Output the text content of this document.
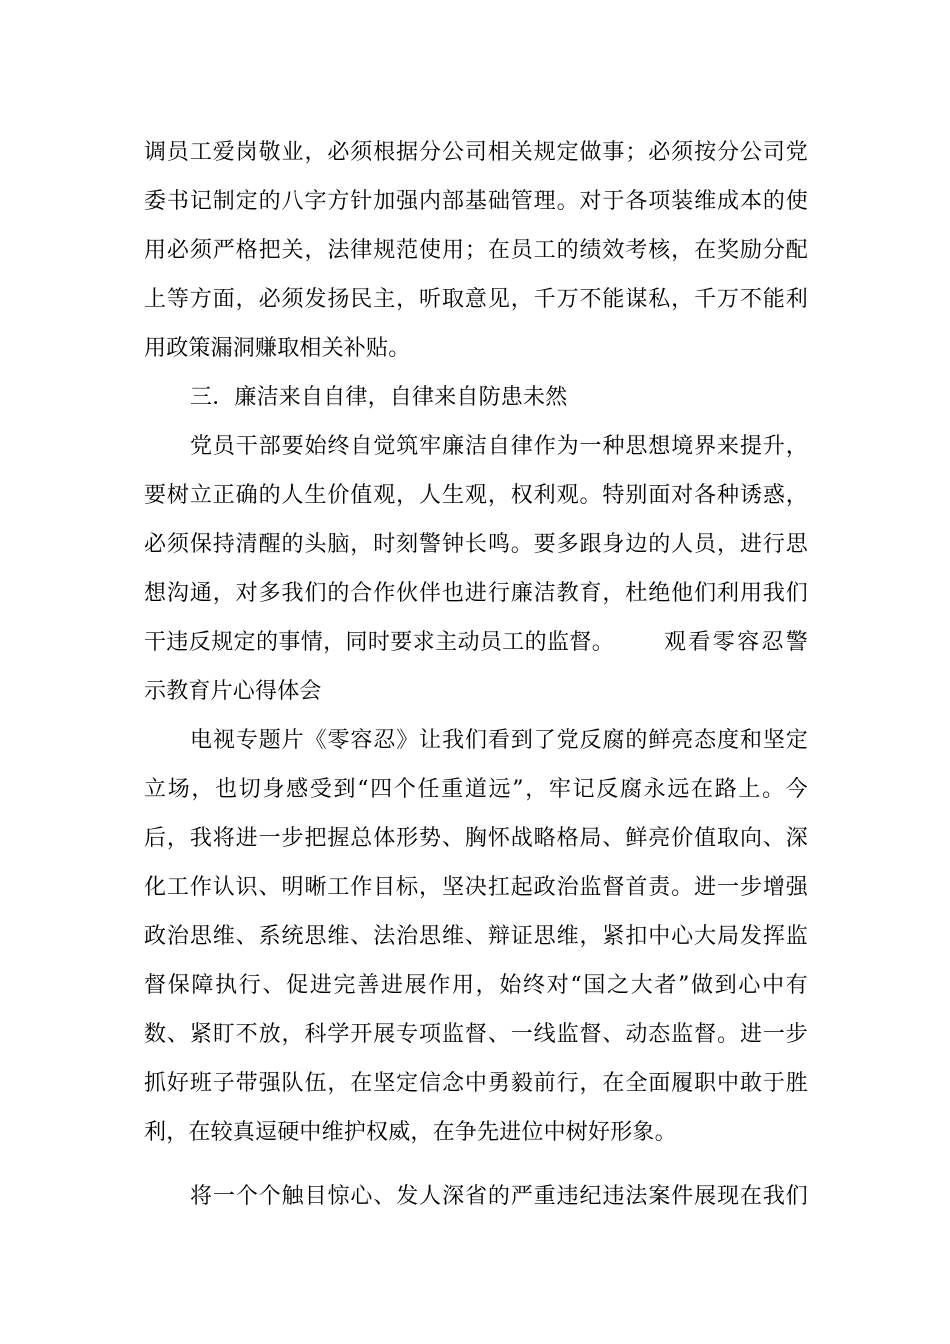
调员工爱岗敬业，必须根据分公司相关规定做事；必须按分公司党
委书记制定的八字方针加强内部基础管理。对于各项装维成本的使
用必须严格把关，法律规范使用；在员工的绩效考核，在奖励分配
上等方面，必须发扬民主，听取意见，千万不能谋私，千万不能利
用政策漏洞赚取相关补贴。
三．廉洁来自自律，自律来自防患未然
党员干部要始终自觉筑牢廉洁自律作为一种思想境界来提升，
要树立正确的人生价值观，人生观，权利观。特别面对各种诱惑，
必须保持清醒的头脑，时刻警钟长鸣。要多跟身边的人员，进行思
想沟通，对多我们的合作伙伴也进行廉洁教育，杜绝他们利用我们
干违反规定的事情，同时要求主动员工的监督。 观看零容忍警
示教育片心得体会
电视专题片《零容忍》让我们看到了党反腐的鲜亮态度和坚定
立场，也切身感受到“四个任重道远”，牢记反腐永远在路上。今
后，我将进一步把握总体形势、胸怀战略格局、鲜亮价值取向、深
化工作认识、明晰工作目标，坚决扛起政治监督首责。进一步增强
政治思维、系统思维、法治思维、辩证思维，紧扣中心大局发挥监
督保障执行、促进完善进展作用，始终对“国之大者”做到心中有
数、紧盯不放，科学开展专项监督、一线监督、动态监督。进一步
抓好班子带强队伍，在坚定信念中勇毅前行，在全面履职中敢于胜
利，在较真逗硬中维护权威，在争先进位中树好形象。
将一个个触目惊心、发人深省的严重违纪违法案件展现在我们
